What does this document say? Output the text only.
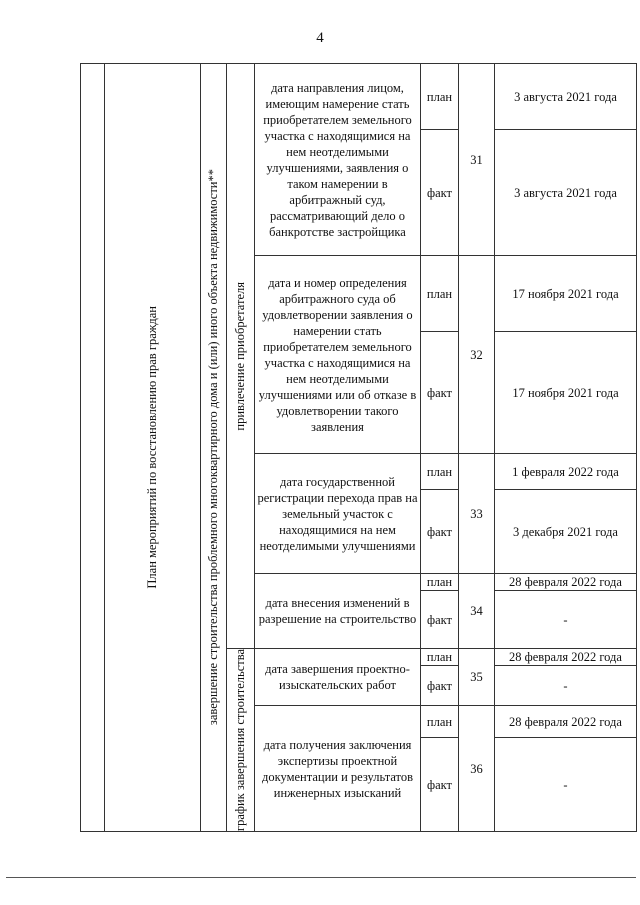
4

	План мероприятий по восстановлению прав граждан	завершение строительства проблемного многоквартирного дома и (или) иного объекта недвижимости**	привлечение приобретателя	дата направления лицом, имеющим намерение стать приобретателем земельного участка с находящимися на нем неотделимыми улучшениями, заявления о таком намерении в арбитражный суд, рассматривающий дело о банкротстве застройщика	план	31	3 августа 2021 года
					факт		3 августа 2021 года
				дата и номер определения арбитражного суда об удовлетворении заявления о намерении стать приобретателем земельного участка с находящимися на нем неотделимыми улучшениями или об отказе в удовлетворении такого заявления	план	32	17 ноября 2021 года
					факт		17 ноября 2021 года
				дата государственной регистрации перехода прав на земельный участок с находящимися на нем неотделимыми улучшениями	план	33	1 февраля 2022 года
					факт		3 декабря 2021 года
				дата внесения изменений в разрешение на строительство	план	34	28 февраля 2022 года
					факт		-

			график завершения строительства	дата завершения проектно-изыскательских работ	план	35	28 февраля 2022 года
					факт		-
				дата получения заключения экспертизы проектной документации и результатов инженерных изысканий	план	36	28 февраля 2022 года
					факт		-
